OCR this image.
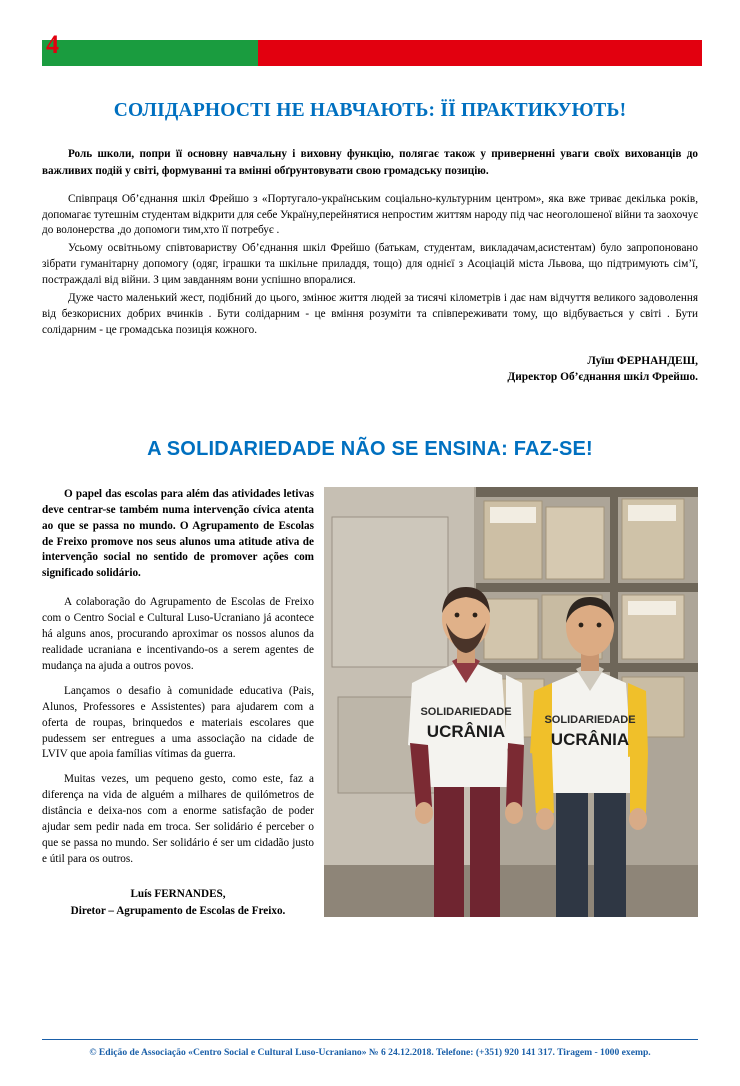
4
СОЛІДАРНОСТІ НЕ НАВЧАЮТЬ: ЇЇ ПРАКТИКУЮТЬ!

Роль школи, попри її основну навчальну і виховну функцію, полягає також у привepненні уваги своїх вихованців до важливих подій у світі, формуванні та вмінні обґрунтовувати свою громадську позицію.

Співпраця Об’єднання шкіл Фрейшо з «Португало-українським соціально-культурним центром», яка вже триває декілька років, допомагає тутешнім студентам відкрити для себе Україну,перейнятися непростим життям народу під час неоголошеної війни та заохочує до волонерства ,до допомоги тим,хто її потребує .

Усьому освітньому співтовариству Об’єднання шкіл Фрейшо (батькам, студентам, викладачам,асистентам) було запропоновано зібрати гуманітарну допомогу (одяг, іграшки та шкільне приладдя, тощо) для однієї з Асоціацій міста Львова, що підтримують сім’ї, постраждалі від війни. З цим завданням вони успішно впоралися.

Дуже часто маленький жест, подібний до цього, змінює життя людей за тисячі кілометрів і дає нам відчуття великого задоволення від безкорисних добрих вчинків . Бути солідарним - це вміння розуміти та співпереживати тому, що відбувається у світі . Бути солідарним - це громадська позиція кожного.

Луїш ФЕРНАНДЕШ,
Директор Об’єднання шкіл Фрейшо.
A SOLIDARIEDADE NÃO SE ENSINA: FAZ-SE!

O papel das escolas para além das atividades letivas deve centrar-se também numa intervenção cívica atenta ao que se passa no mundo. O Agrupamento de Escolas de Freixo promove nos seus alunos uma atitude ativa de intervenção social no sentido de promover ações com significado solidário.

A colaboração do Agrupamento de Escolas de Freixo com o Centro Social e Cultural Luso-Ucraniano já acontece há alguns anos, procurando aproximar os nossos alunos da realidade ucraniana e incentivando-os a serem agentes de mudança na ajuda a outros povos.

Lançamos o desafio à comunidade educativa (Pais, Alunos, Professores e Assistentes) para ajudarem com a oferta de roupas, brinquedos e materiais escolares que pudessem ser entregues a uma associação na cidade de LVIV que apoia famílias vítimas da guerra.

Muitas vezes, um pequeno gesto, como este, faz a diferença na vida de alguém a milhares de quilómetros de distância e deixa-nos com a enorme satisfação de poder ajudar sem pedir nada em troca. Ser solidário é perceber o que se passa no mundo. Ser solidário é ser um cidadão justo e útil para os outros.

Luís FERNANDES,
Diretor – Agrupamento de Escolas de Freixo.
SOLIDARIEDADE
UCRÂNIA
SOLIDARIEDADE
UCRÂNIA
© Edição de Associação «Centro Social e Cultural Luso-Ucraniano» № 6 24.12.2018. Telefone: (+351) 920 141 317. Tiragem - 1000 exemp.
